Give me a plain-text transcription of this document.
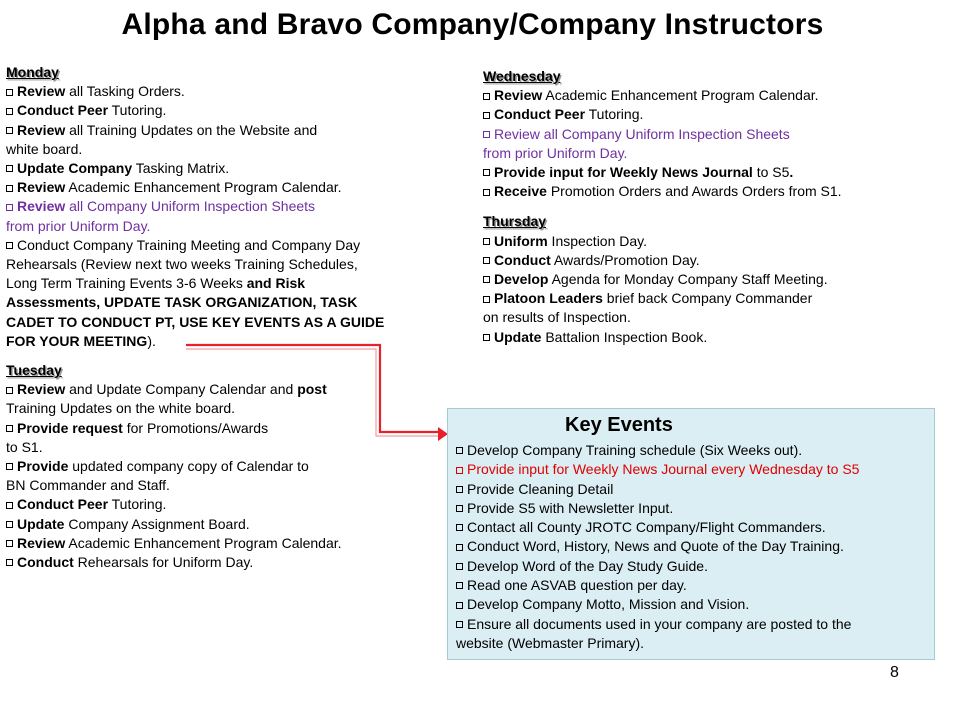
Alpha and Bravo Company/Company Instructors
Monday
Review all Tasking Orders.
Conduct Peer Tutoring.
Review all Training Updates on the Website and
white board.
Update Company Tasking Matrix.
Review Academic Enhancement Program Calendar.
Review all Company Uniform Inspection Sheets
from prior Uniform Day.
Conduct Company Training Meeting and Company Day
Rehearsals (Review next two weeks Training Schedules,
Long Term Training Events 3-6 Weeks and Risk
Assessments, UPDATE TASK ORGANIZATION, TASK
CADET TO CONDUCT PT, USE KEY EVENTS AS A GUIDE
FOR YOUR MEETING).
Tuesday
Review and Update Company Calendar and post
Training Updates on the white board.
Provide request for Promotions/Awards
to S1.
Provide updated company copy of Calendar to
BN Commander and Staff.
Conduct Peer Tutoring.
Update Company Assignment Board.
Review Academic Enhancement Program Calendar.
Conduct Rehearsals for Uniform Day.
Wednesday
Review Academic Enhancement Program Calendar.
Conduct Peer Tutoring.
Review all Company Uniform Inspection Sheets
from prior Uniform Day.
Provide input for Weekly News Journal to S5.
Receive Promotion Orders and Awards Orders from S1.
Thursday
Uniform Inspection Day.
Conduct Awards/Promotion Day.
Develop Agenda for Monday Company Staff Meeting.
Platoon Leaders brief back Company Commander
on results of Inspection.
Update Battalion Inspection Book.
Key Events
Develop Company Training schedule (Six Weeks out).
Provide input for Weekly News Journal every Wednesday to S5
Provide Cleaning Detail
Provide S5 with Newsletter Input.
Contact all County JROTC Company/Flight Commanders.
Conduct Word, History, News and Quote of the Day Training.
Develop Word of the Day Study Guide.
Read one ASVAB question per day.
Develop Company Motto, Mission and Vision.
Ensure all documents used in your company are posted to the
website (Webmaster Primary).
8
